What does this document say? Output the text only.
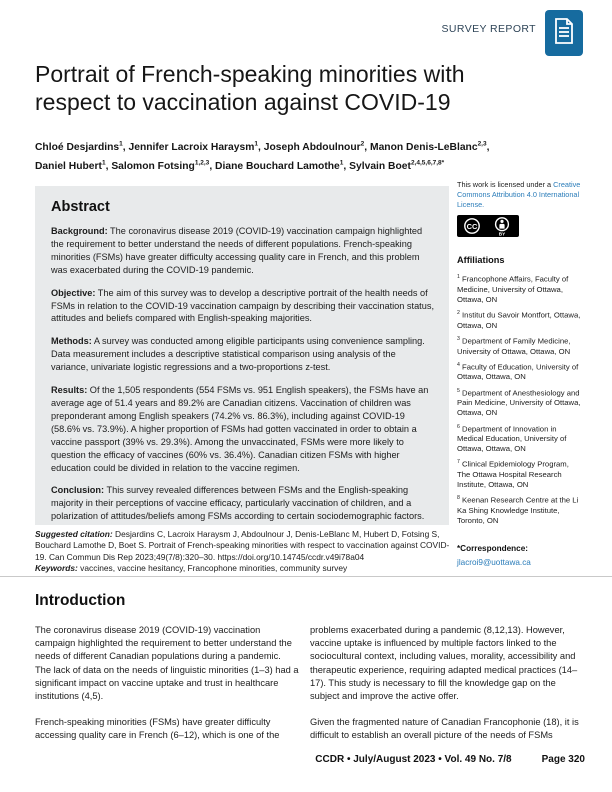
SURVEY REPORT
Portrait of French-speaking minorities with
respect to vaccination against COVID-19
Chloé Desjardins$^1$, Jennifer Lacroix Haraysm$^1$, Joseph Abdoulnour$^2$, Manon Denis-LeBlanc$^{2,3}$,
Daniel Hubert$^1$, Salomon Fotsing$^{1,2,3}$, Diane Bouchard Lamothe$^1$, Sylvain Boet$^{2,4,5,6,7,8*}$
Abstract

Background: The coronavirus disease 2019 (COVID-19) vaccination campaign highlighted the requirement to better understand the needs of different populations. French-speaking minorities (FSMs) have greater difficulty accessing quality care in French, and this problem was exacerbated during the COVID-19 pandemic.

Objective: The aim of this survey was to develop a descriptive portrait of the health needs of FSMs in relation to the COVID-19 vaccination campaign by describing their vaccination status, attitudes and beliefs compared with English-speaking majorities.

Methods: A survey was conducted among eligible participants using convenience sampling. Data measurement includes a descriptive statistical comparison using analysis of the variance, univariate logistic regressions and a two-proportions z-test.

Results: Of the 1,505 respondents (554 FSMs vs. 951 English speakers), the FSMs have an average age of 51.4 years and 89.2% are Canadian citizens. Vaccination of children was preponderant among English speakers (74.2% vs. 86.3%), including against COVID-19 (58.6% vs. 73.9%). A higher proportion of FSMs had gotten vaccinated in order to obtain a vaccine passport (39% vs. 29.3%). Among the unvaccinated, FSMs were more likely to question the efficacy of vaccines (60% vs. 36.4%). Canadian citizen FSMs with higher education could be divided in relation to the vaccine regimen.

Conclusion: This survey revealed differences between FSMs and the English-speaking majority in their perceptions of vaccine efficacy, particularly vaccination of children, and a polarization of attitudes/beliefs among FSMs according to certain sociodemographic factors.

Suggested citation: Desjardins C, Lacroix Haraysm J, Abdoulnour J, Denis-LeBlanc M, Hubert D, Fotsing S, Bouchard Lamothe D, Boet S. Portrait of French-speaking minorities with respect to vaccination against COVID-19. Can Commun Dis Rep 2023;49(7/8):320–30. https://doi.org/10.14745/ccdr.v49i78a04

Keywords: vaccines, vaccine hesitancy, Francophone minorities, community survey

Introduction

The coronavirus disease 2019 (COVID-19) vaccination campaign highlighted the requirement to better understand the needs of different Canadian populations during a pandemic. The lack of data on the needs of linguistic minorities (1–3) had a significant impact on vaccine uptake and trust in healthcare institutions (4,5).

French-speaking minorities (FSMs) have greater difficulty accessing quality care in French (6–12), which is one of the

problems exacerbated during a pandemic (8,12,13). However, vaccine uptake is influenced by multiple factors linked to the sociocultural context, including values, morality, accessibility and therapeutic experience, requiring adapted medical practices (14–17). This study is necessary to fill the knowledge gap on the subject and improve the active offer.

Given the fragmented nature of Canadian Francophonie (18), it is difficult to establish an overall picture of the needs of FSMs

CCDR • July/August 2023 • Vol. 49 No. 7/8	Page 320
This work is licensed under a Creative Commons Attribution 4.0 International License.
CC
BY
Affiliations
$^1$ Francophone Affairs, Faculty of Medicine, University of Ottawa, Ottawa, ON
$^2$ Institut du Savoir Montfort, Ottawa, Ottawa, ON
$^3$ Department of Family Medicine, University of Ottawa, Ottawa, ON
$^4$ Faculty of Education, University of Ottawa, Ottawa, ON
$^5$ Department of Anesthesiology and Pain Medicine, University of Ottawa, Ottawa, ON
$^6$ Department of Innovation in Medical Education, University of Ottawa, Ottawa, ON
$^7$ Clinical Epidemiology Program, The Ottawa Hospital Research Institute, Ottawa, ON
$^8$ Keenan Research Centre at the Li Ka Shing Knowledge Institute, Toronto, ON
*Correspondence:
jlacroi9@uottawa.ca
